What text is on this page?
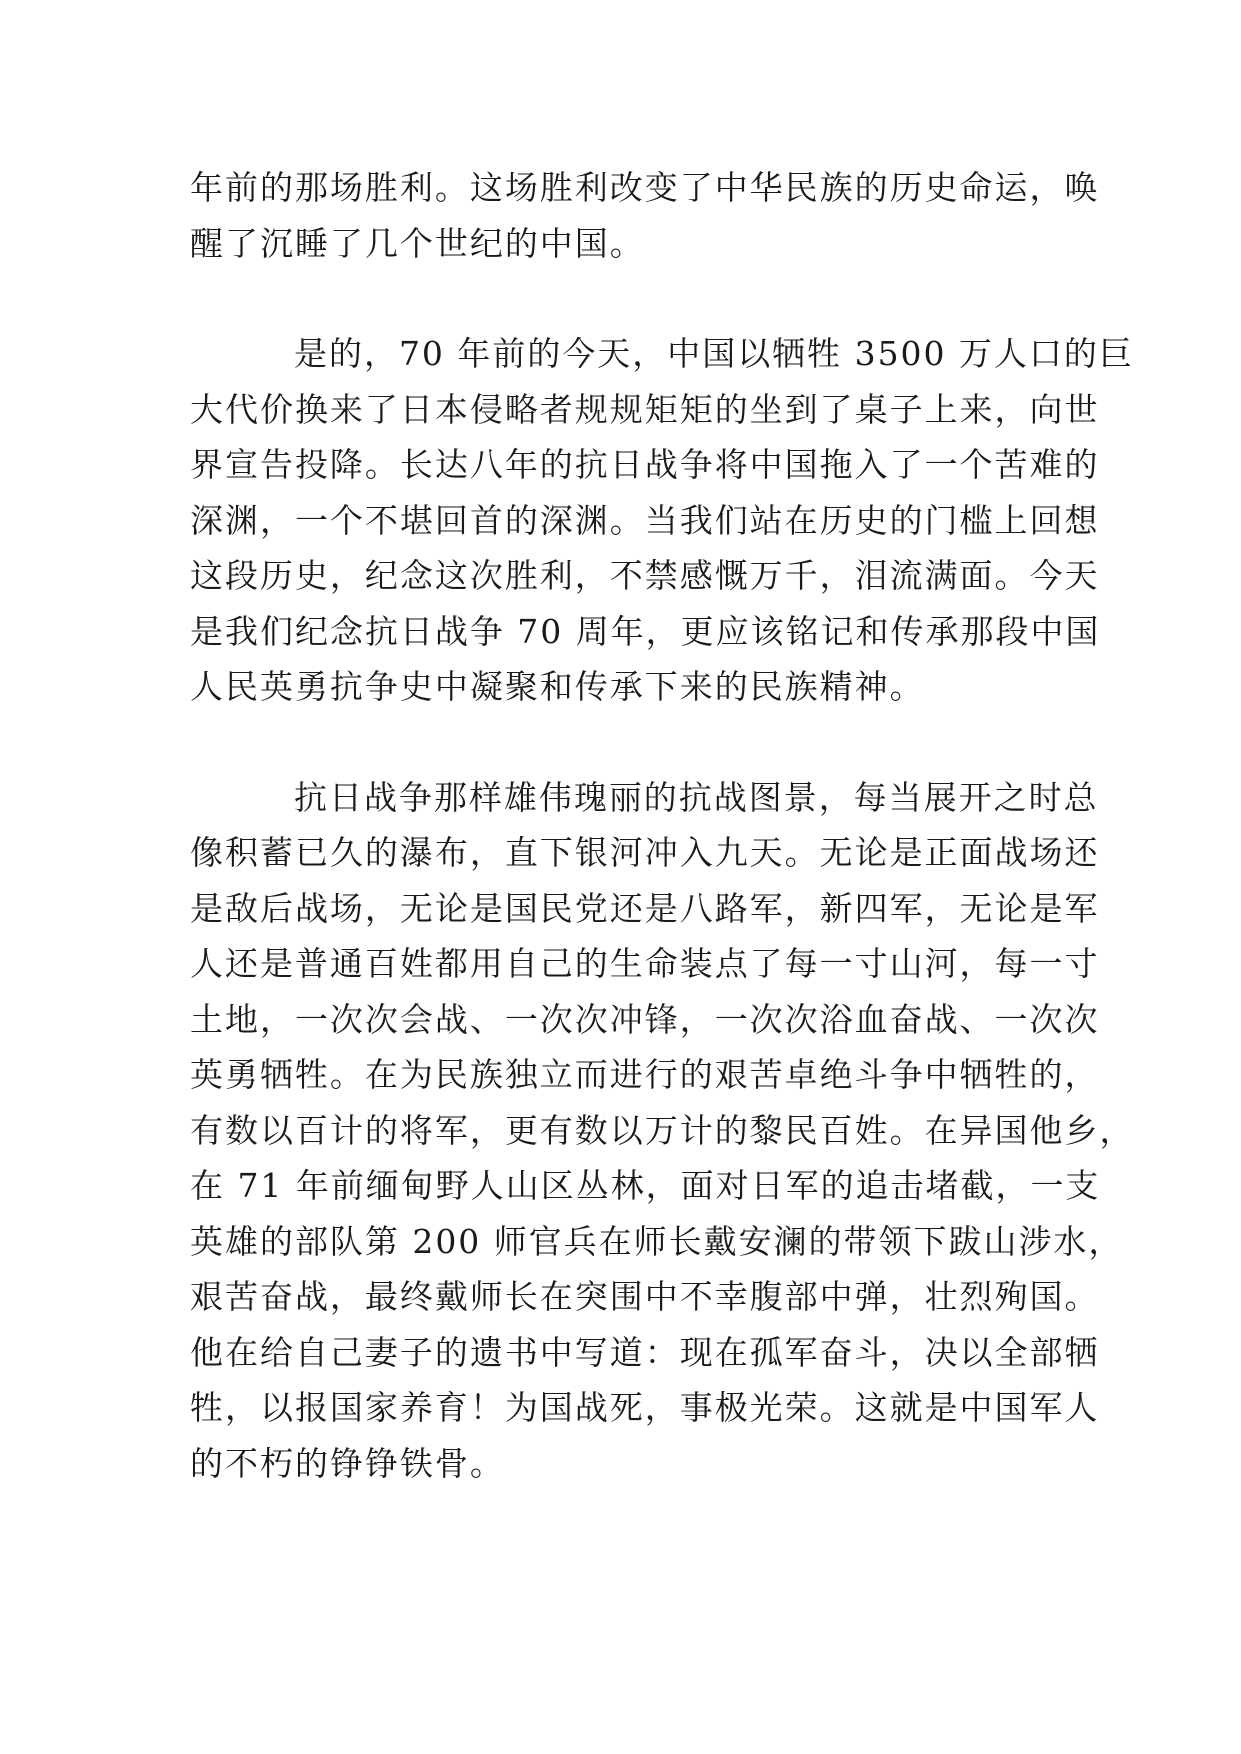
年前的那场胜利。这场胜利改变了中华民族的历史命运，唤
醒了沉睡了几个世纪的中国。
是的，70 年前的今天，中国以牺牲 3500 万人口的巨
大代价换来了日本侵略者规规矩矩的坐到了桌子上来，向世
界宣告投降。长达八年的抗日战争将中国拖入了一个苦难的
深渊，一个不堪回首的深渊。当我们站在历史的门槛上回想
这段历史，纪念这次胜利，不禁感慨万千，泪流满面。今天
是我们纪念抗日战争 70 周年，更应该铭记和传承那段中国
人民英勇抗争史中凝聚和传承下来的民族精神。
抗日战争那样雄伟瑰丽的抗战图景，每当展开之时总
像积蓄已久的瀑布，直下银河冲入九天。无论是正面战场还
是敌后战场，无论是国民党还是八路军，新四军，无论是军
人还是普通百姓都用自己的生命装点了每一寸山河，每一寸
土地，一次次会战、一次次冲锋，一次次浴血奋战、一次次
英勇牺牲。在为民族独立而进行的艰苦卓绝斗争中牺牲的，
有数以百计的将军，更有数以万计的黎民百姓。在异国他乡，
在 71 年前缅甸野人山区丛林，面对日军的追击堵截，一支
英雄的部队第 200 师官兵在师长戴安澜的带领下跋山涉水，
艰苦奋战，最终戴师长在突围中不幸腹部中弹，壮烈殉国。
他在给自己妻子的遗书中写道：现在孤军奋斗，决以全部牺
牲，以报国家养育！为国战死，事极光荣。这就是中国军人
的不朽的铮铮铁骨。
